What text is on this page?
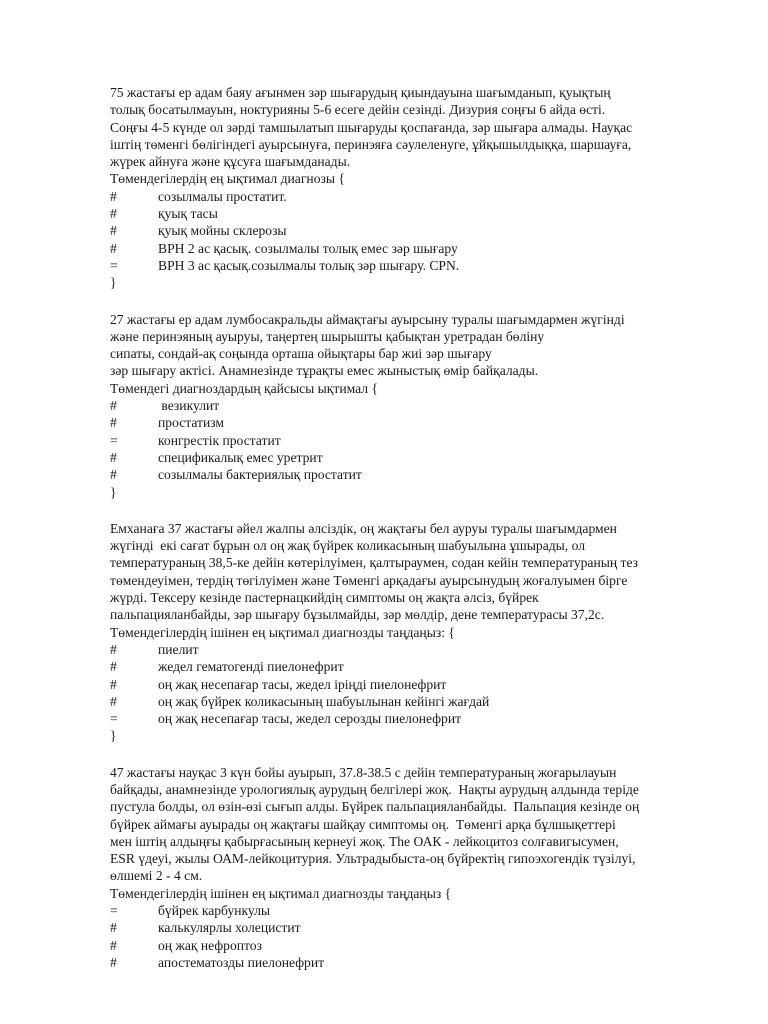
75 жастағы ер адам баяу ағынмен зәр шығарудың қиындауына шағымданып, қуықтың
толық босатылмауын, ноктурияны 5-6 есеге дейін сезінді. Дизурия соңғы 6 айда өсті.
Соңғы 4-5 күнде ол зәрді тамшылатып шығаруды қоспағанда, зәр шығара алмады. Науқас
іштің төменгі бөлігіндегі ауырсынуға, перинэяға сәулеленуге, ұйқышылдыққа, шаршауға,
жүрек айнуға және құсуға шағымданады.
Төмендегілердің ең ықтимал диагнозы {
#	созылмалы простатит.
#	қуық тасы
#	қуық мойны склерозы
#	BPH 2 ас қасық. созылмалы толық емес зәр шығару
=	BPH 3 ас қасық.созылмалы толық зәр шығару. CPN.
}
27 жастағы ер адам лумбосакральды аймақтағы ауырсыну туралы шағымдармен жүгінді
және перинэяның ауыруы, таңертең шырышты қабықтан уретрадан бөліну
сипаты, сондай-ақ соңында орташа ойықтары бар жиі зәр шығару
зәр шығару актісі. Анамнезінде тұрақты емес жыныстық өмір байқалады.
Төмендегі диагноздардың қайсысы ықтимал {
#	везикулит
#	простатизм
=	конгрестік простатит
#	спецификалық емес уретрит
#	созылмалы бактериялық простатит
}
Емханаға 37 жастағы әйел жалпы әлсіздік, оң жақтағы бел ауруы туралы шағымдармен
жүгінді  екі сағат бұрын ол оң жақ бүйрек коликасының шабуылына ұшырады, ол
температураның 38,5-ке дейін көтерілуімен, қалтыраумен, содан кейін температураның тез
төмендеуімен, тердің төгілуімен және Төменгі арқадағы ауырсынудың жоғалуымен бірге
жүрді. Тексеру кезінде пастернацкийдің симптомы оң жақта әлсіз, бүйрек
пальпацияланбайды, зәр шығару бұзылмайды, зәр мөлдір, дене температурасы 37,2с.
Төмендегілердің ішінен ең ықтимал диагнозды таңдаңыз: {
#	пиелит
#	жедел гематогенді пиелонефрит
#	оң жақ несепағар тасы, жедел іріңді пиелонефрит
#	оң жақ бүйрек коликасының шабуылынан кейінгі жағдай
=	оң жақ несепағар тасы, жедел серозды пиелонефрит
}
47 жастағы науқас 3 күн бойы ауырып, 37.8-38.5 с дейін температураның жоғарылауын
байқады, анамнезінде урологиялық аурудың белгілері жоқ.  Нақты аурудың алдында теріде
пустула болды, ол өзін-өзі сығып алды. Бүйрек пальпацияланбайды.  Пальпация кезінде оң
бүйрек аймағы ауырады оң жақтағы шайқау симптомы оң.  Төменгі арқа бұлшықеттері
мен іштің алдыңғы қабырғасының кернеуі жоқ. The ОАК - лейкоцитоз солғавигысумен,
ESR үдеуі, жылы ОАМ-лейкоцитурия. Ультрадыбыста-оң бүйректің гипоэхогендік түзілуі,
өлшемі 2 - 4 см.
Төмендегілердің ішінен ең ықтимал диагнозды таңдаңыз {
=	бүйрек карбункулы
#	калькулярлы холецистит
#	оң жақ нефроптоз
#	апостематозды пиелонефрит
